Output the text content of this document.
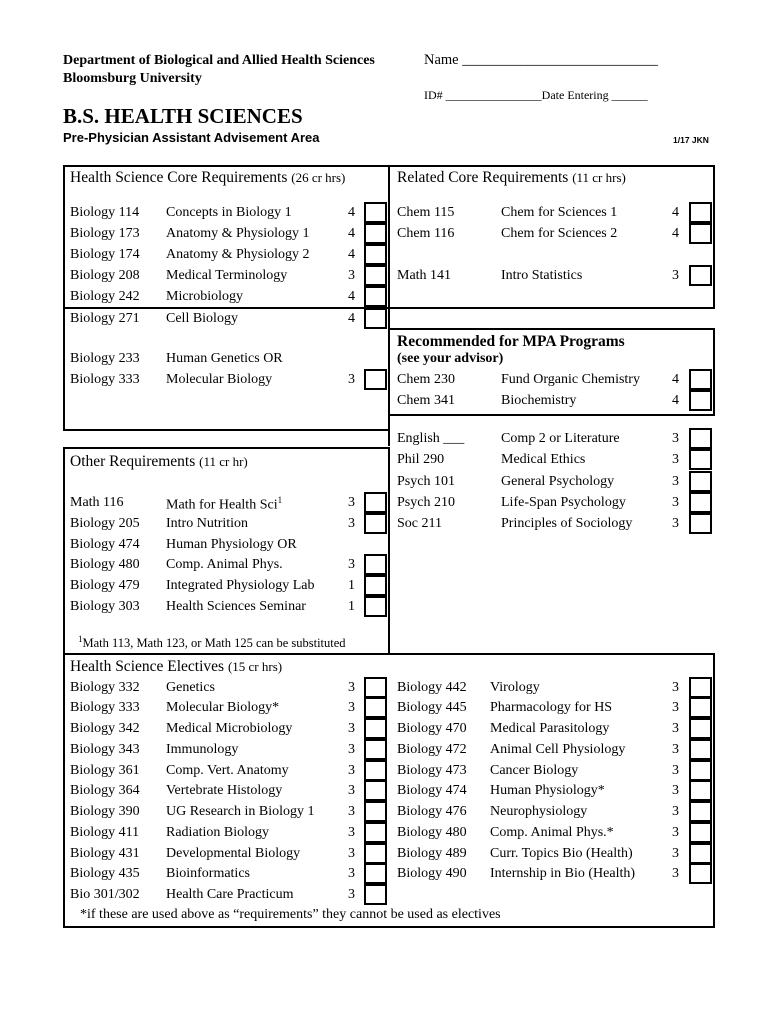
Department of Biological and Allied Health Sciences
Bloomsburg University
Name ___________________________
ID# ________________Date Entering ______
B.S. HEALTH SCIENCES
Pre-Physician Assistant Advisement Area	1/17 JKN
Health Science Core Requirements (26 cr hrs)
Biology 114 Concepts in Biology 1	4
Biology 173 Anatomy & Physiology 1	4
Biology 174 Anatomy & Physiology 2	4
Biology 208 Medical Terminology	3
Biology 242 Microbiology	4
Biology 271 Cell Biology	4
Biology 233 Human Genetics OR
Biology 333 Molecular Biology	3
Related Core Requirements (11 cr hrs)
Chem 115	Chem for Sciences 1	4
Chem 116	Chem for Sciences 2	4
Math 141	Intro Statistics	3
Recommended for MPA Programs
(see your advisor)
Chem 230	Fund Organic Chemistry 4
Chem 341	Biochemistry	4
English ___	Comp 2 or Literature	3
Phil 290	Medical Ethics	3
Psych 101	General Psychology	3
Psych 210	Life-Span Psychology	3
Soc 211	Principles of Sociology	3
Other Requirements (11 cr hr)
Math 116	Math for Health Sci$^1$	3
Biology 205 Intro Nutrition	3
Biology 474 Human Physiology OR
Biology 480 Comp. Animal Phys.	3
Biology 479 Integrated Physiology Lab 1
Biology 303 Health Sciences Seminar	1
$^1$Math 113, Math 123, or Math 125 can be substituted
Health Science Electives (15 cr hrs)
Biology 332 Genetics	3
Biology 333 Molecular Biology*	3
Biology 342 Medical Microbiology	3
Biology 343 Immunology	3
Biology 361 Comp. Vert. Anatomy	3
Biology 364 Vertebrate Histology	3
Biology 390 UG Research in Biology 1 3
Biology 411 Radiation Biology	3
Biology 431 Developmental Biology	3
Biology 435 Bioinformatics	3
Bio 301/302 Health Care Practicum	3
Biology 442 Virology	3
Biology 445 Pharmacology for HS	3
Biology 470 Medical Parasitology	3
Biology 472 Animal Cell Physiology	3
Biology 473 Cancer Biology	3
Biology 474 Human Physiology*	3
Biology 476 Neurophysiology	3
Biology 480 Comp. Animal Phys.*	3
Biology 489 Curr. Topics Bio (Health)	3
Biology 490 Internship in Bio (Health)	3
*if these are used above as “requirements” they cannot be used as electives
